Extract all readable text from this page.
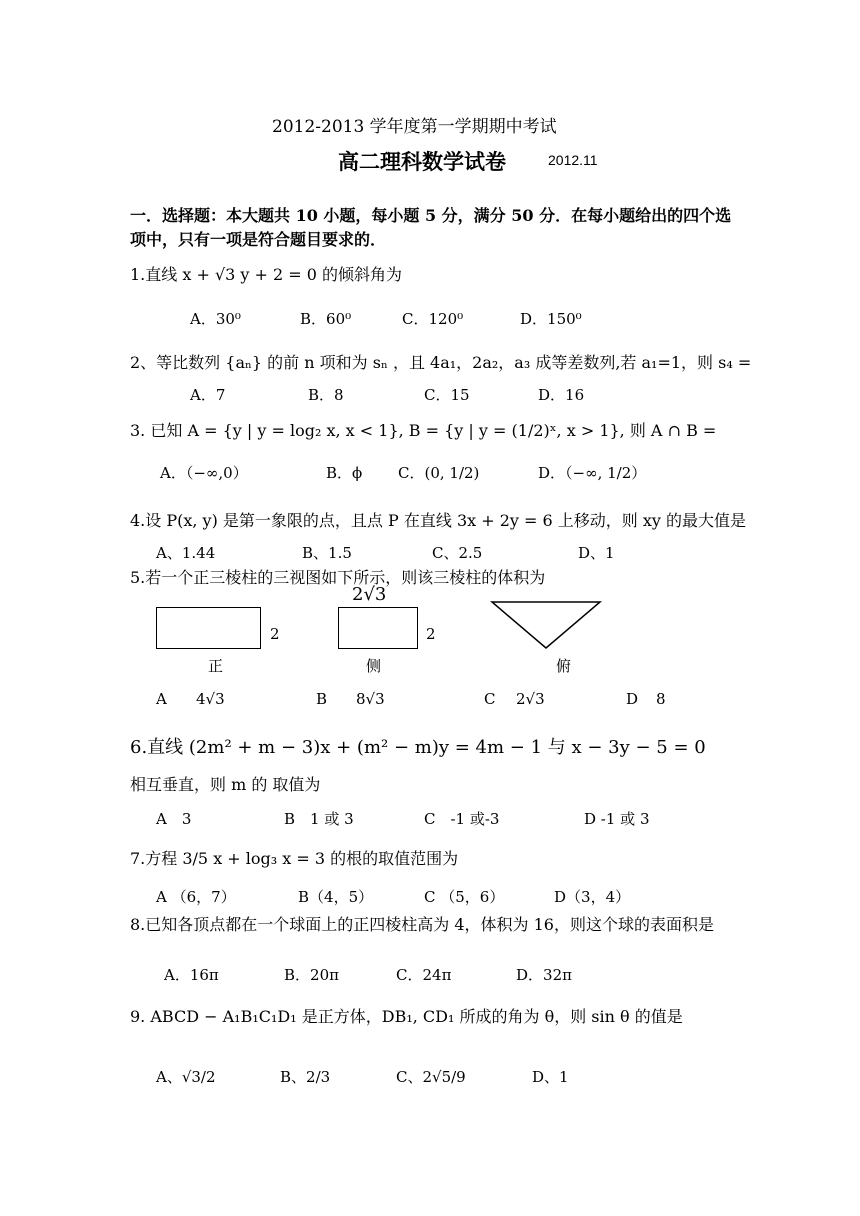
2012-2013 学年度第一学期期中考试
高二理科数学试卷	2012.11
一．选择题：本大题共 10 小题，每小题 5 分，满分 50 分．在每小题给出的四个选项中，只有一项是符合题目要求的．
1.直线 x + √3 y + 2 = 0 的倾斜角为
A．30⁰	B．60⁰	C．120⁰	D．150⁰
2、等比数列 {aₙ} 的前 n 项和为 sₙ ，且 4a₁，2a₂，a₃ 成等差数列,若 a₁=1，则 s₄ =
A．7	B．8	C．15	D．16
3. 已知 A = {y | y = log₂ x, x < 1}, B = {y | y = (1/2)ˣ, x > 1}, 则 A ∩ B =
A．（−∞,0）	B．ϕ C．(0, 1/2)	D．（−∞, 1/2）
4.设 P(x, y) 是第一象限的点，且点 P 在直线 3x + 2y = 6 上移动，则 xy 的最大值是
A、1.44	B、1.5	C、2.5	D、1
5.若一个正三棱柱的三视图如下所示，则该三棱柱的体积为
2√3
2
正
2
侧	俯
A 4√3	B 8√3	C 2√3	D 8
6.直线 (2m² + m − 3)x + (m² − m)y = 4m − 1 与 x − 3y − 5 = 0
相互垂直，则 m 的 取值为
A　3	B　1 或 3	C　-1 或-3	D -1 或 3
7.方程 3/5 x + log₃ x = 3 的根的取值范围为
A （6，7）	B（4，5）	C （5，6）	D（3，4）
8.已知各顶点都在一个球面上的正四棱柱高为 4，体积为 16，则这个球的表面积是
A．16π	B．20π	C．24π	D．32π
9. ABCD − A₁B₁C₁D₁ 是正方体，DB₁, CD₁ 所成的角为 θ，则 sin θ 的值是
A、√3/2	B、2/3	C、2√5/9	D、1
